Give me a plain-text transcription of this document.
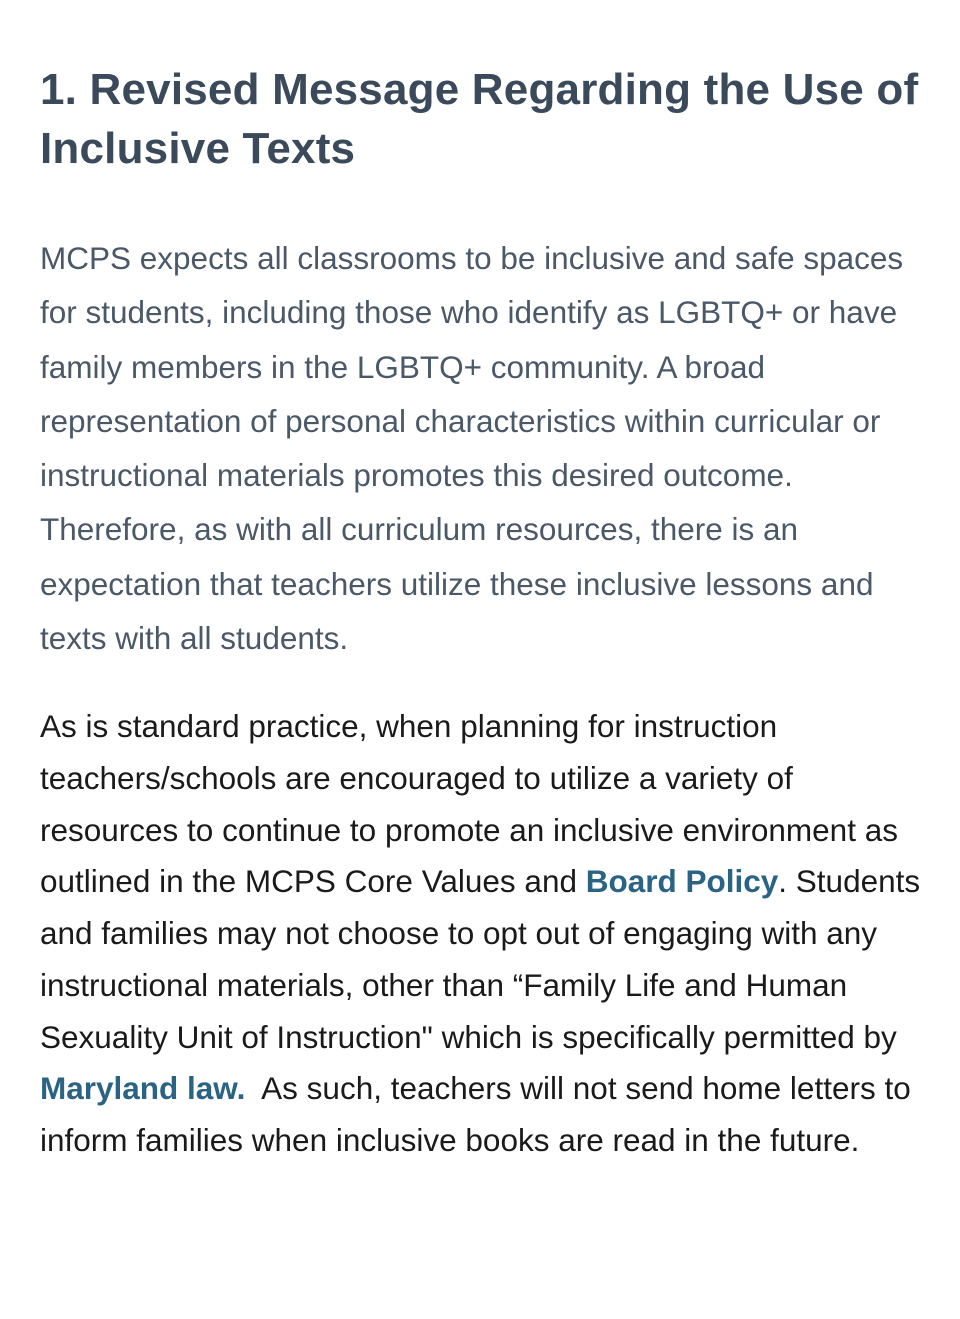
1. Revised Message Regarding the Use of Inclusive Texts

MCPS expects all classrooms to be inclusive and safe spaces for students, including those who identify as LGBTQ+ or have family members in the LGBTQ+ community. A broad representation of personal characteristics within curricular or instructional materials promotes this desired outcome. Therefore, as with all curriculum resources, there is an expectation that teachers utilize these inclusive lessons and texts with all students.

As is standard practice, when planning for instruction teachers/schools are encouraged to utilize a variety of resources to continue to promote an inclusive environment as outlined in the MCPS Core Values and Board Policy. Students and families may not choose to opt out of engaging with any instructional materials, other than “Family Life and Human Sexuality Unit of Instruction" which is specifically permitted by Maryland law.  As such, teachers will not send home letters to inform families when inclusive books are read in the future.
